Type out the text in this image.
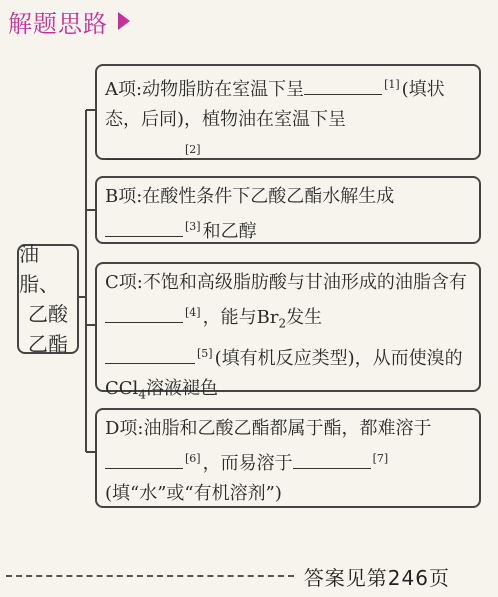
解题思路
油脂、
乙酸
乙酯
A项:动物脂肪在室温下呈	[1] (填状态，后同)，植物油在室温下呈
[2]
B项:在酸性条件下乙酸乙酯水解生成
[3] 和乙醇
C项:不饱和高级脂肪酸与甘油形成的油脂含有[4] ，能与$Br_2$发生
[5] (填有机反应类型)，从而使溴的CCl$_4$溶液褪色
D项:油脂和乙酸乙酯都属于酯，都难溶于[6] ，而易溶于	[7]
(填“水”或“有机溶剂”)
答案见第246页
